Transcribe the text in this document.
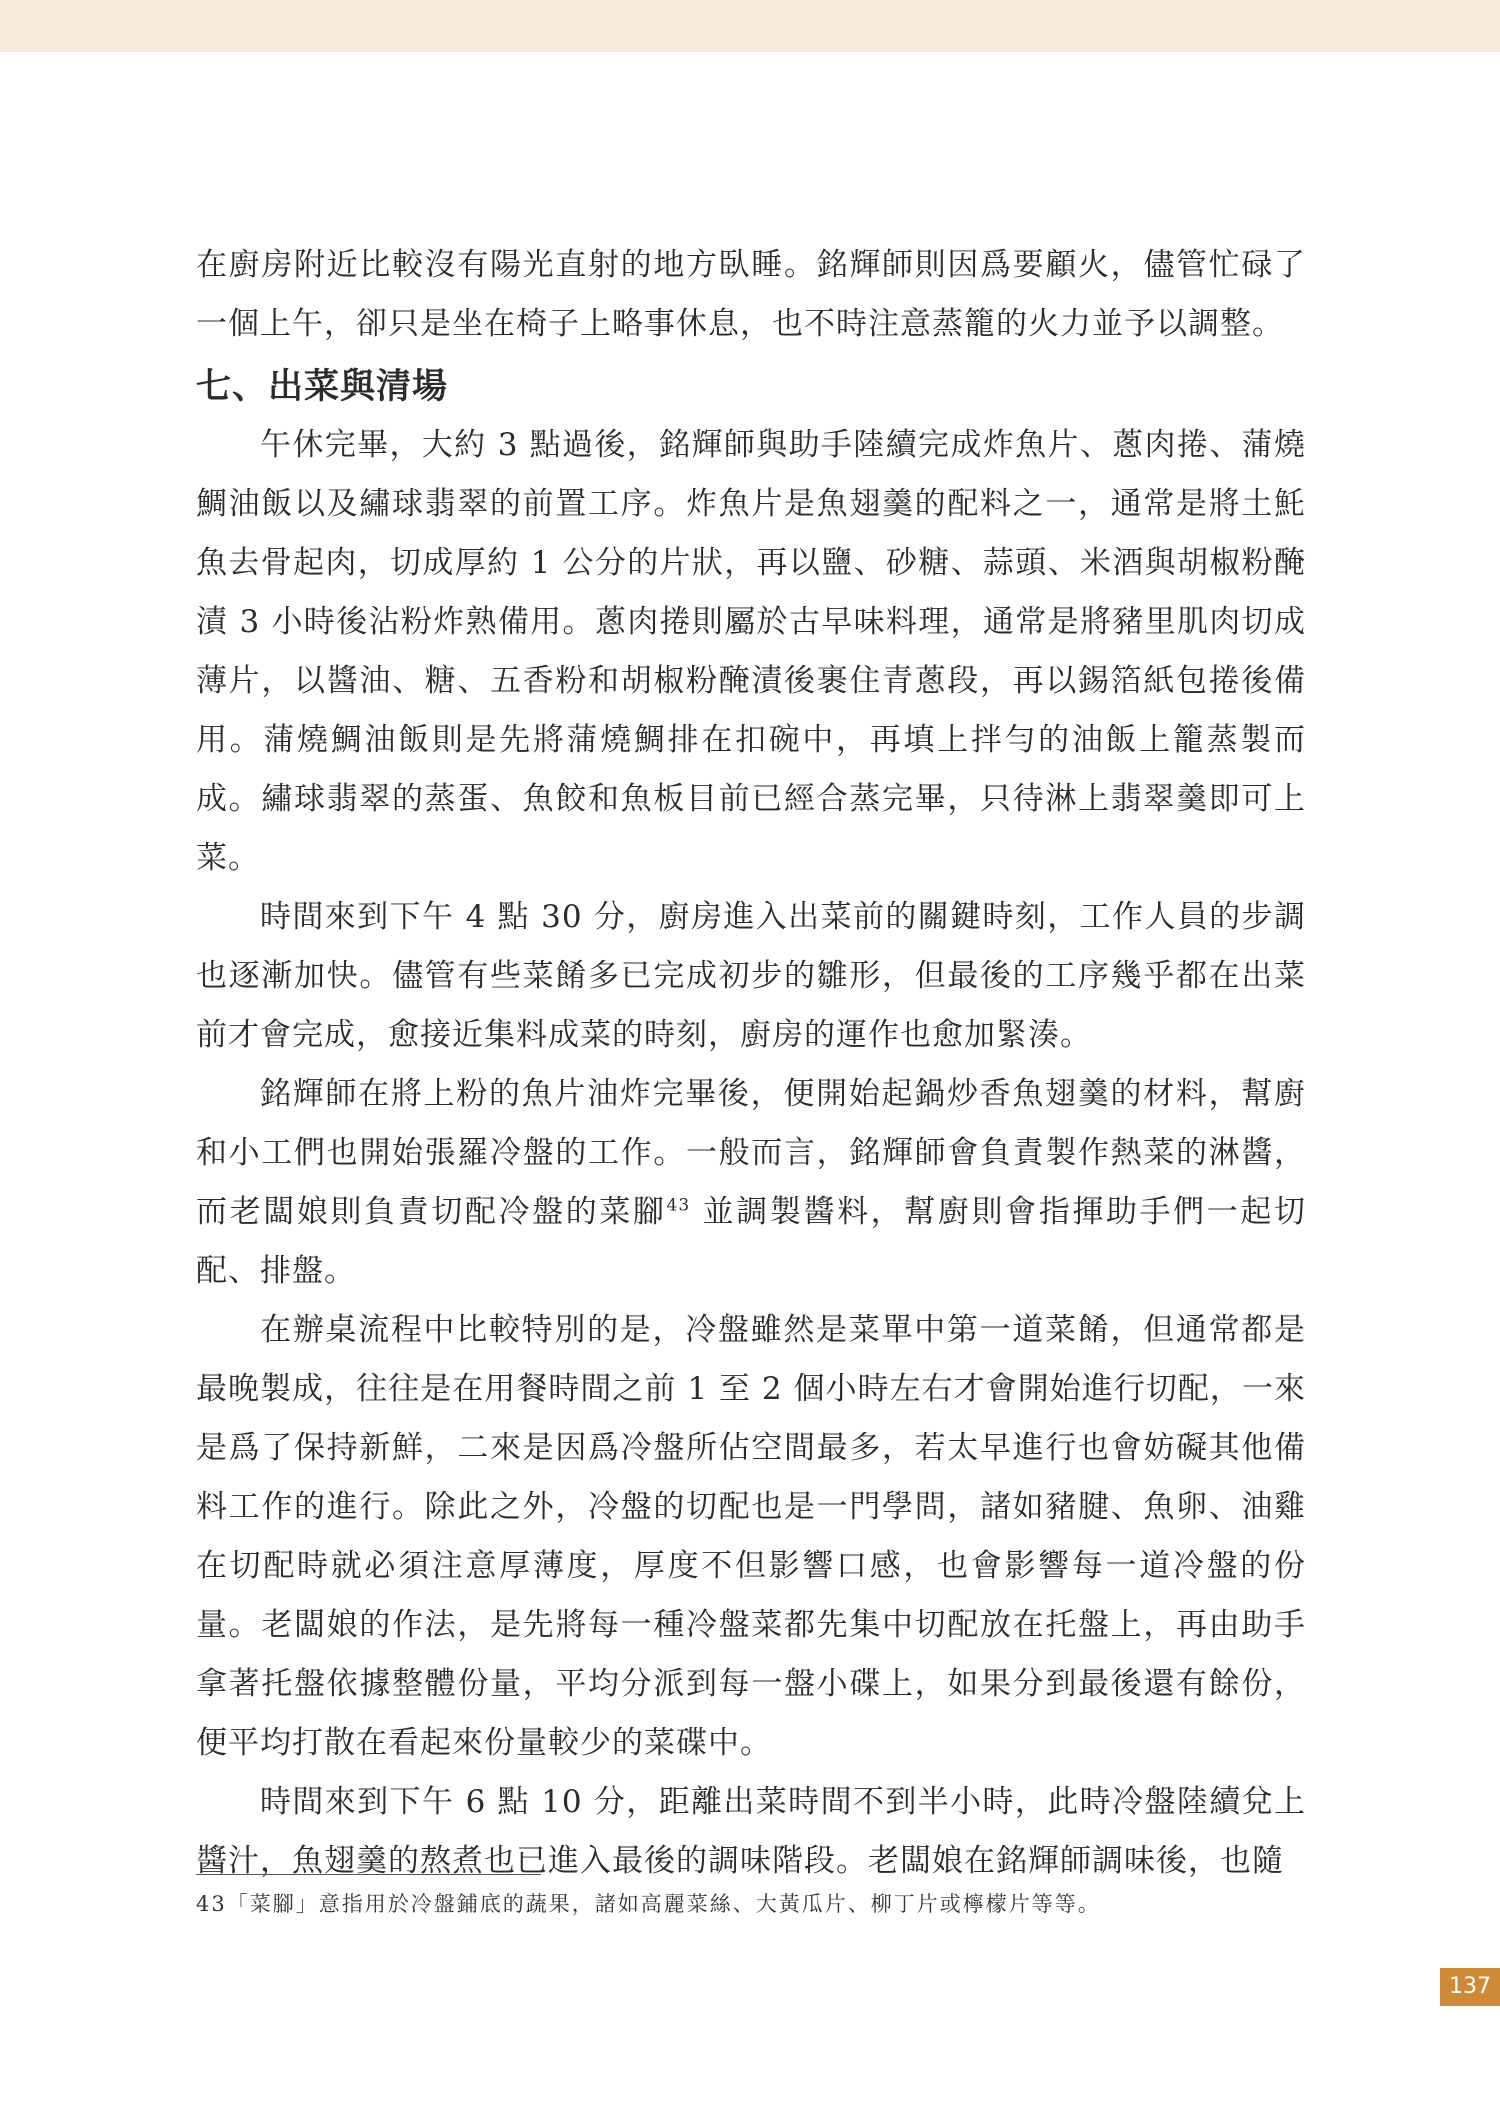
在廚房附近比較沒有陽光直射的地方臥睡。銘輝師則因爲要顧火，儘管忙碌了一個上午，卻只是坐在椅子上略事休息，也不時注意蒸籠的火力並予以調整。

七、出菜與清場

午休完畢，大約 3 點過後，銘輝師與助手陸續完成炸魚片、蔥肉捲、蒲燒鯛油飯以及繡球翡翠的前置工序。炸魚片是魚翅羹的配料之一，通常是將土魠魚去骨起肉，切成厚約 1 公分的片狀，再以鹽、砂糖、蒜頭、米酒與胡椒粉醃漬 3 小時後沾粉炸熟備用。蔥肉捲則屬於古早味料理，通常是將豬里肌肉切成薄片，以醬油、糖、五香粉和胡椒粉醃漬後裹住青蔥段，再以錫箔紙包捲後備用。蒲燒鯛油飯則是先將蒲燒鯛排在扣碗中，再填上拌勻的油飯上籠蒸製而成。繡球翡翠的蒸蛋、魚餃和魚板目前已經合蒸完畢，只待淋上翡翠羹即可上菜。

時間來到下午 4 點 30 分，廚房進入出菜前的關鍵時刻，工作人員的步調也逐漸加快。儘管有些菜餚多已完成初步的雛形，但最後的工序幾乎都在出菜前才會完成，愈接近集料成菜的時刻，廚房的運作也愈加緊湊。

銘輝師在將上粉的魚片油炸完畢後，便開始起鍋炒香魚翅羹的材料，幫廚和小工們也開始張羅冷盤的工作。一般而言，銘輝師會負責製作熱菜的淋醬，而老闆娘則負責切配冷盤的菜腳$^{43}$ 並調製醬料，幫廚則會指揮助手們一起切配、排盤。

在辦桌流程中比較特別的是，冷盤雖然是菜單中第一道菜餚，但通常都是最晚製成，往往是在用餐時間之前 1 至 2 個小時左右才會開始進行切配，一來是爲了保持新鮮，二來是因爲冷盤所佔空間最多，若太早進行也會妨礙其他備料工作的進行。除此之外，冷盤的切配也是一門學問，諸如豬腱、魚卵、油雞在切配時就必須注意厚薄度，厚度不但影響口感，也會影響每一道冷盤的份量。老闆娘的作法，是先將每一種冷盤菜都先集中切配放在托盤上，再由助手拿著托盤依據整體份量，平均分派到每一盤小碟上，如果分到最後還有餘份，便平均打散在看起來份量較少的菜碟中。

時間來到下午 6 點 10 分，距離出菜時間不到半小時，此時冷盤陸續兌上醬汁，魚翅羹的熬煮也已進入最後的調味階段。老闆娘在銘輝師調味後，也隨

43「菜腳」意指用於冷盤鋪底的蔬果，諸如高麗菜絲、大黃瓜片、柳丁片或檸檬片等等。
137
